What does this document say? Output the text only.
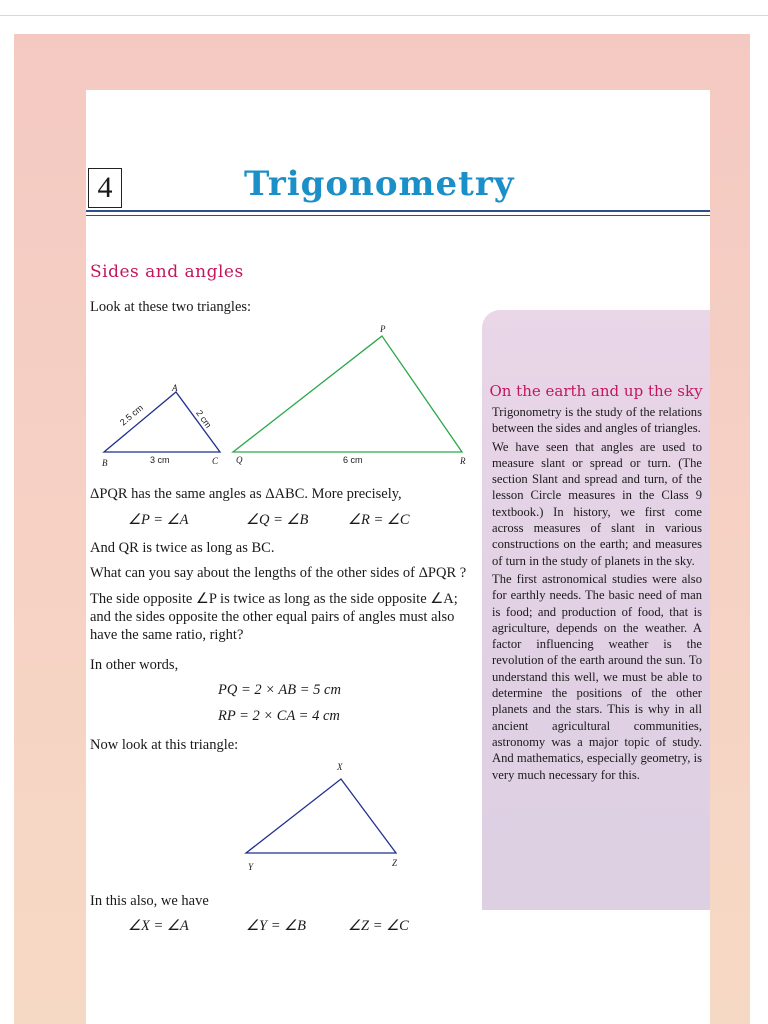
4	Trigonometry
Sides and angles
Look at these two triangles:
A
B	C
2.5 cm	2 cm
3 cm
P
Q	R
6 cm
ΔPQR has the same angles as ΔABC. More precisely,
∠P = ∠A	∠Q = ∠B	∠R = ∠C
And QR is twice as long as BC.
What can you say about the lengths of the other sides of ΔPQR ?
The side opposite ∠P is twice as long as the side opposite ∠A; and the sides opposite the other equal pairs of angles must also have the same ratio, right?
In other words,
PQ = 2 × AB = 5 cm
RP = 2 × CA = 4 cm
Now look at this triangle:
X
Y	Z
In this also, we have
∠X = ∠A	∠Y = ∠B	∠Z = ∠C
On the earth and up the sky

Trigonometry is the study of the relations between the sides and angles of triangles.

We have seen that angles are used to measure slant or spread or turn. (The section Slant and spread and turn, of the lesson Circle measures in the Class 9 textbook.) In history, we first come across measures of slant in various constructions on the earth; and measures of turn in the study of planets in the sky.

The first astronomical studies were also for earthly needs. The basic need of man is food; and production of food, that is agriculture, depends on the weather. A factor influencing weather is the revolution of the earth around the sun. To understand this well, we must be able to determine the positions of the other planets and the stars. This is why in all ancient agricultural communities, astronomy was a major topic of study. And mathematics, especially geometry, is very much necessary for this.
